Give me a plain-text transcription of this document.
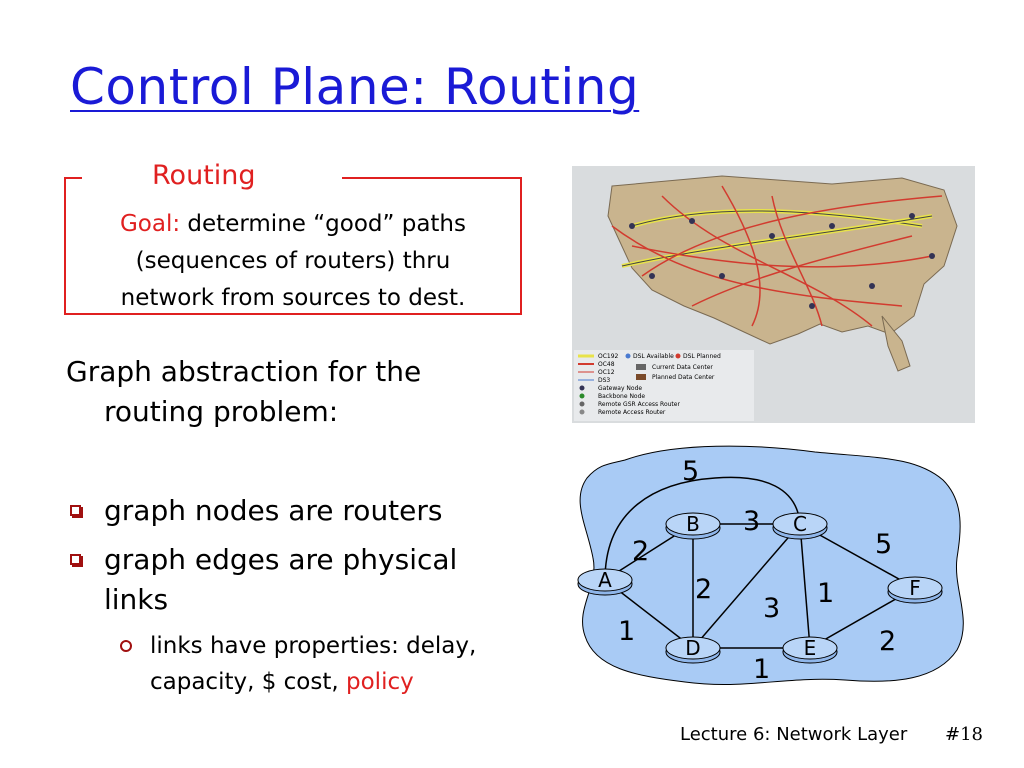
Control Plane: Routing
Routing
Goal: determine “good” paths
(sequences of routers) thru
network from sources to dest.
OC192
OC48
OC12
DS3
Gateway Node
Backbone Node
Remote GSR Access Router
Remote Access Router
DSL Available DSL Planned
Current Data Center
Planned Data Center
Graph abstraction for the
routing problem:
graph nodes are routers
graph edges are physical
links
links have properties: delay,
capacity, $ cost, policy
A
B	C
D	E
F
5
3
2	5
2	1
3
1	2
1
Lecture 6: Network Layer #18
